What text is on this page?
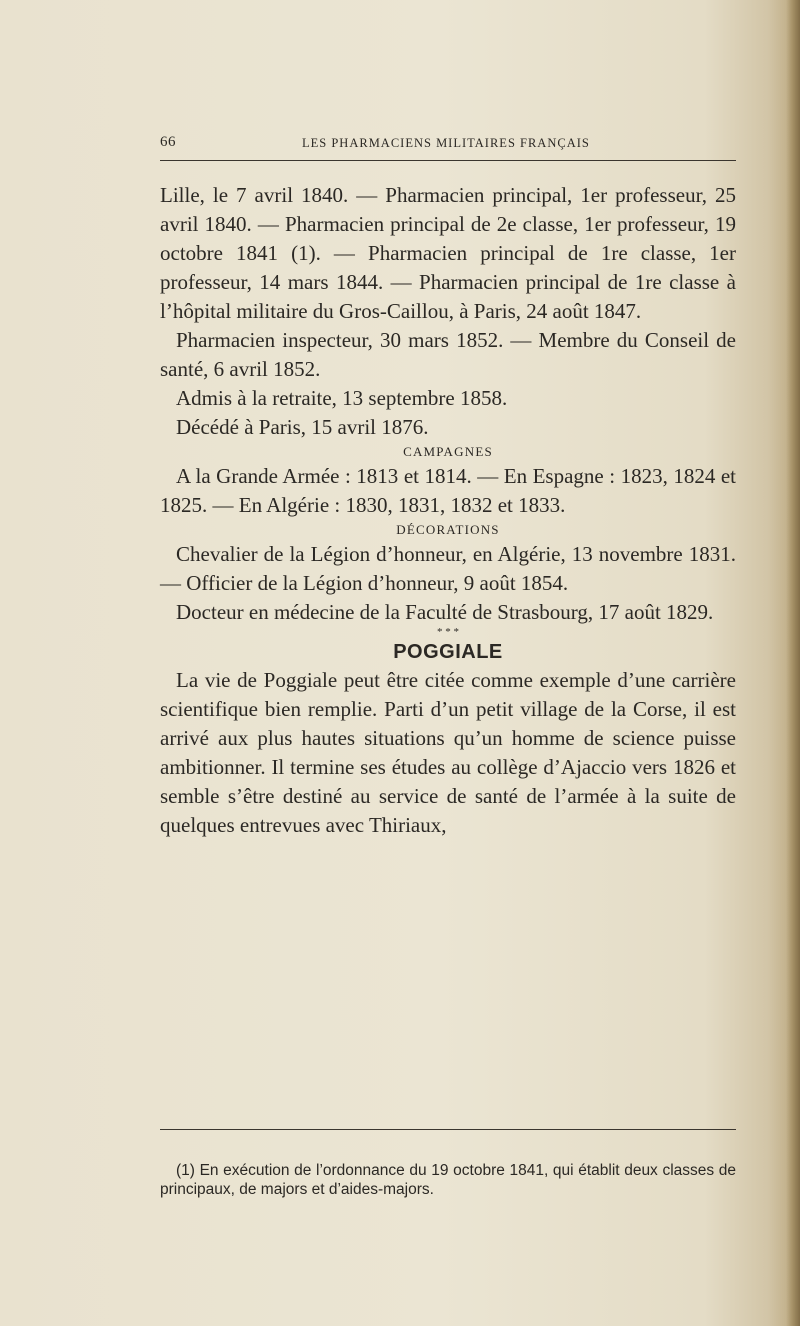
66	LES PHARMACIENS MILITAIRES FRANÇAIS

Lille, le 7 avril 1840. — Pharmacien principal, 1er professeur, 25 avril 1840. — Pharmacien principal de 2e classe, 1er professeur, 19 octobre 1841 (1). — Pharmacien principal de 1re classe, 1er professeur, 14 mars 1844. — Pharmacien principal de 1re classe à l’hôpital militaire du Gros-Caillou, à Paris, 24 août 1847.

Pharmacien inspecteur, 30 mars 1852. — Membre du Conseil de santé, 6 avril 1852.

Admis à la retraite, 13 septembre 1858.

Décédé à Paris, 15 avril 1876.

CAMPAGNES

A la Grande Armée : 1813 et 1814. — En Espagne : 1823, 1824 et 1825. — En Algérie : 1830, 1831, 1832 et 1833.

DÉCORATIONS

Chevalier de la Légion d’honneur, en Algérie, 13 novembre 1831. — Officier de la Légion d’honneur, 9 août 1854.

Docteur en médecine de la Faculté de Strasbourg, 17 août 1829.

* * *

POGGIALE

La vie de Poggiale peut être citée comme exemple d’une carrière scientifique bien remplie. Parti d’un petit village de la Corse, il est arrivé aux plus hautes situations qu’un homme de science puisse ambitionner. Il termine ses études au collège d’Ajaccio vers 1826 et semble s’être destiné au service de santé de l’armée à la suite de quelques entrevues avec Thiriaux,

(1) En exécution de l’ordonnance du 19 octobre 1841, qui établit deux classes de principaux, de majors et d’aides-majors.
